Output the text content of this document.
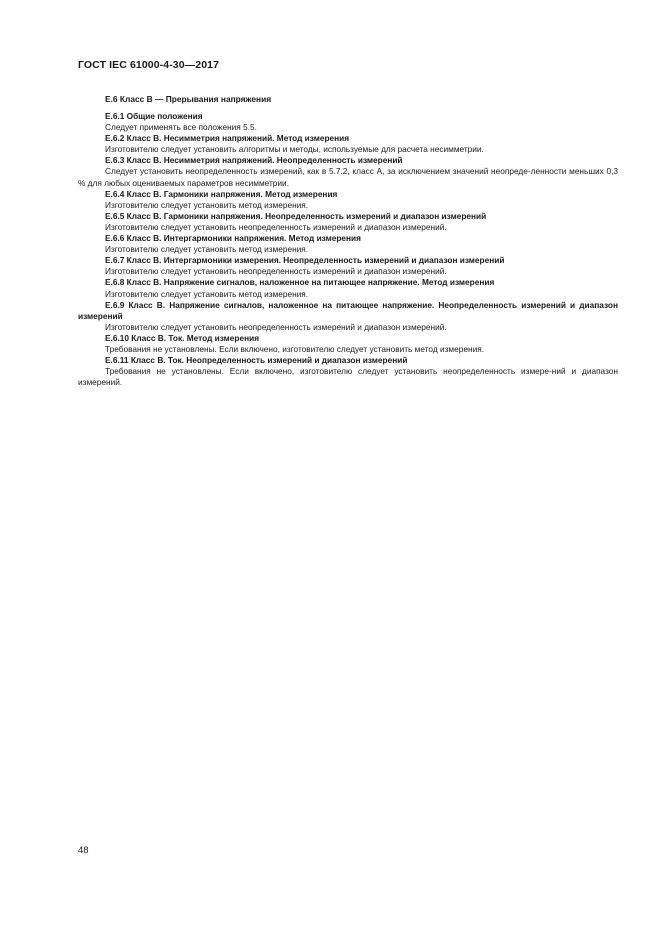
ГОСТ IEC 61000-4-30—2017
E.6 Класс В — Прерывания напряжения

E.6.1 Общие положения

Следует применять все положения 5.5.

E.6.2 Класс В. Несимметрия напряжений. Метод измерения

Изготовителю следует установить алгоритмы и методы, используемые для расчета несимметрии.

E.6.3 Класс В. Несимметрия напряжений. Неопределенность измерений

Следует установить неопределенность измерений, как в 5.7.2, класс А, за исключением значений неопреде-ленности меньших 0,3 % для любых оцениваемых параметров несимметрии.

E.6.4 Класс В. Гармоники напряжения. Метод измерения

Изготовителю следует установить метод измерения.

E.6.5 Класс В. Гармоники напряжения. Неопределенность измерений и диапазон измерений

Изготовителю следует установить неопределенность измерений и диапазон измерений.

E.6.6 Класс В. Интергармоники напряжения. Метод измерения

Изготовителю следует установить метод измерения.

E.6.7 Класс В. Интергармоники измерения. Неопределенность измерений и диапазон измерений

Изготовителю следует установить неопределенность измерений и диапазон измерений.

E.6.8 Класс В. Напряжение сигналов, наложенное на питающее напряжение. Метод измерения

Изготовителю следует установить метод измерения.

E.6.9 Класс В. Напряжение сигналов, наложенное на питающее напряжение. Неопределенность измерений и диапазон измерений

Изготовителю следует установить неопределенность измерений и диапазон измерений.

E.6.10 Класс В. Ток. Метод измерения

Требования не установлены. Если включено, изготовителю следует установить метод измерения.

E.6.11 Класс В. Ток. Неопределенность измерений и диапазон измерений

Требования не установлены. Если включено, изготовителю следует установить неопределенность измере-ний и диапазон измерений.

48
